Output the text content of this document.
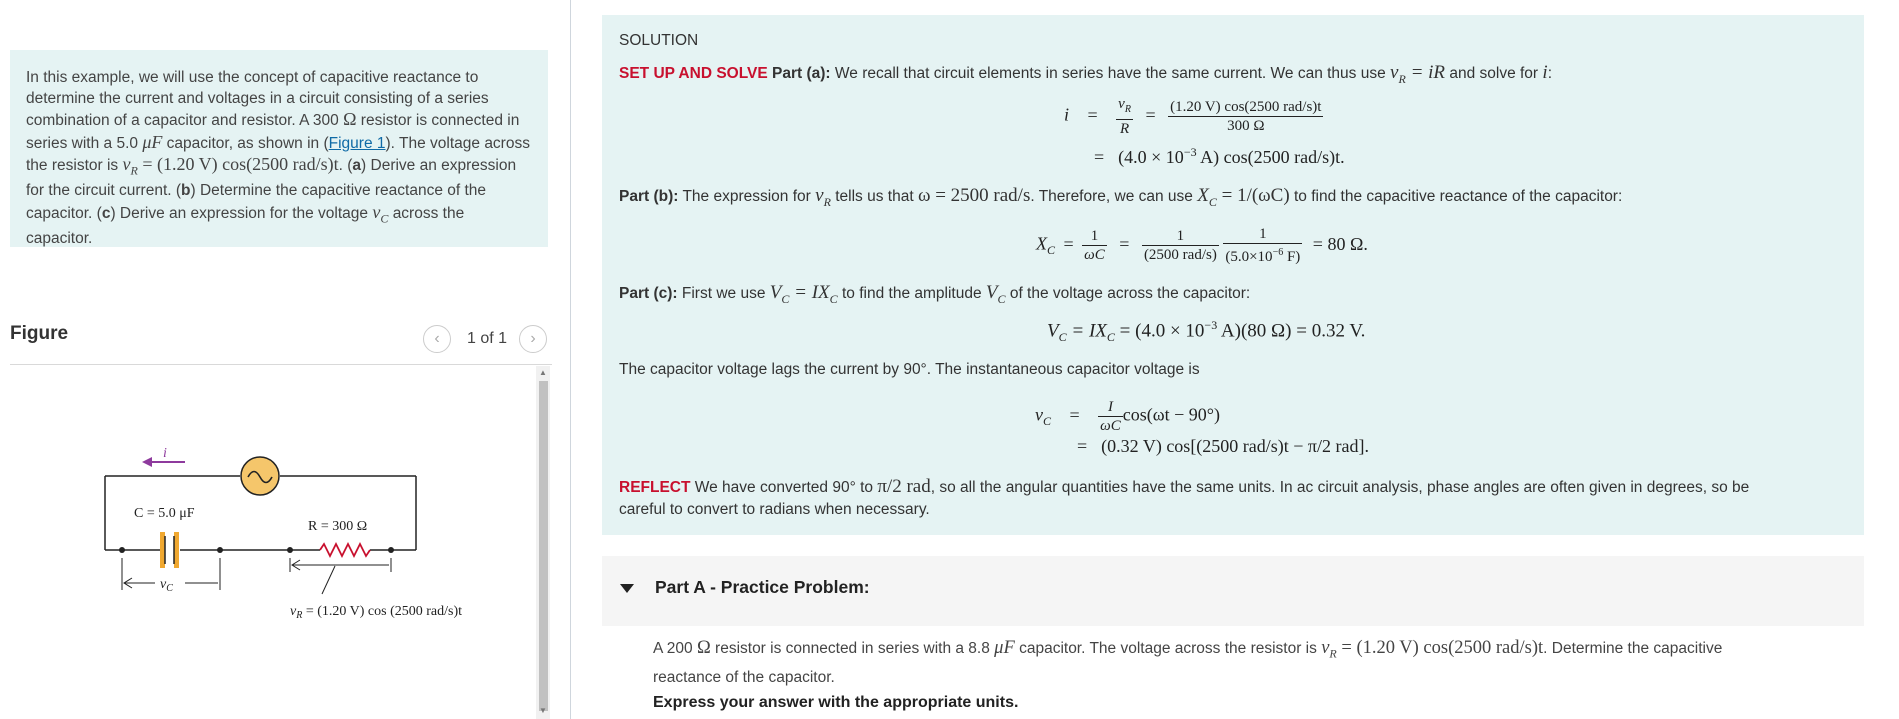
In this example, we will use the concept of capacitive reactance to determine the current and voltages in a circuit consisting of a series combination of a capacitor and resistor. A 300 Ω resistor is connected in series with a 5.0 μF capacitor, as shown in (Figure 1). The voltage across the resistor is $v_R = (1.20$ V) cos(2500 rad/s)t. (a) Derive an expression for the circuit current. (b) Determine the capacitive reactance of the capacitor. (c) Derive an expression for the voltage $v_C$ across the capacitor.
Figure	‹	1 of 1	›
▲
▼
i
C = 5.0 μF
R = 300 Ω
$v_C$
$v_R = (1.20$ V) cos (2500 rad/s)t
SOLUTION
SET UP AND SOLVE Part (a): We recall that circuit elements in series have the same current. We can thus use $v_R$ = iR and solve for i:
$i = \frac{v_R}{R} = \frac{\text{(1.20 V) cos(2500 rad/s)t}}{300 \Omega}$
= ($4.0 \times 10^{-3}$ A) cos(2500 rad/s)t.
Part (b): The expression for $v_R$ tells us that ω = 2500 rad/s. Therefore, we can use $X_C = 1/(\omega C)$ to find the capacitive reactance of the capacitor:
$X_C = \frac{1}{\omega C} = \frac{1}{\text{(2500 rad/s)}}$
$\frac{1}{(5.0\times 10^{-6} F)} = 80$ Ω.
Part (c): First we use $V_C = IX_C$ to find the amplitude $V_C$ of the voltage across the capacitor:
$V_C = IX_C = (4.0 \times 10^{-3}$ A)(80 Ω) = 0.32 V.
The capacitor voltage lags the current by 90°. The instantaneous capacitor voltage is
$v_C = \frac{I}{\omega C} \cos(\omega t - 90^\circ)$
= (0.32 V) cos[(2500 rad/s)t − π/2 rad].
REFLECT We have converted 90° to π/2 rad, so all the angular quantities have the same units. In ac circuit analysis, phase angles are often given in degrees, so be
careful to convert to radians when necessary.
Part A - Practice Problem:
A 200 Ω resistor is connected in series with a 8.8 μF capacitor. The voltage across the resistor is $v_R = (1.20$ V) cos(2500 rad/s)t. Determine the capacitive
reactance of the capacitor.
Express your answer with the appropriate units.
